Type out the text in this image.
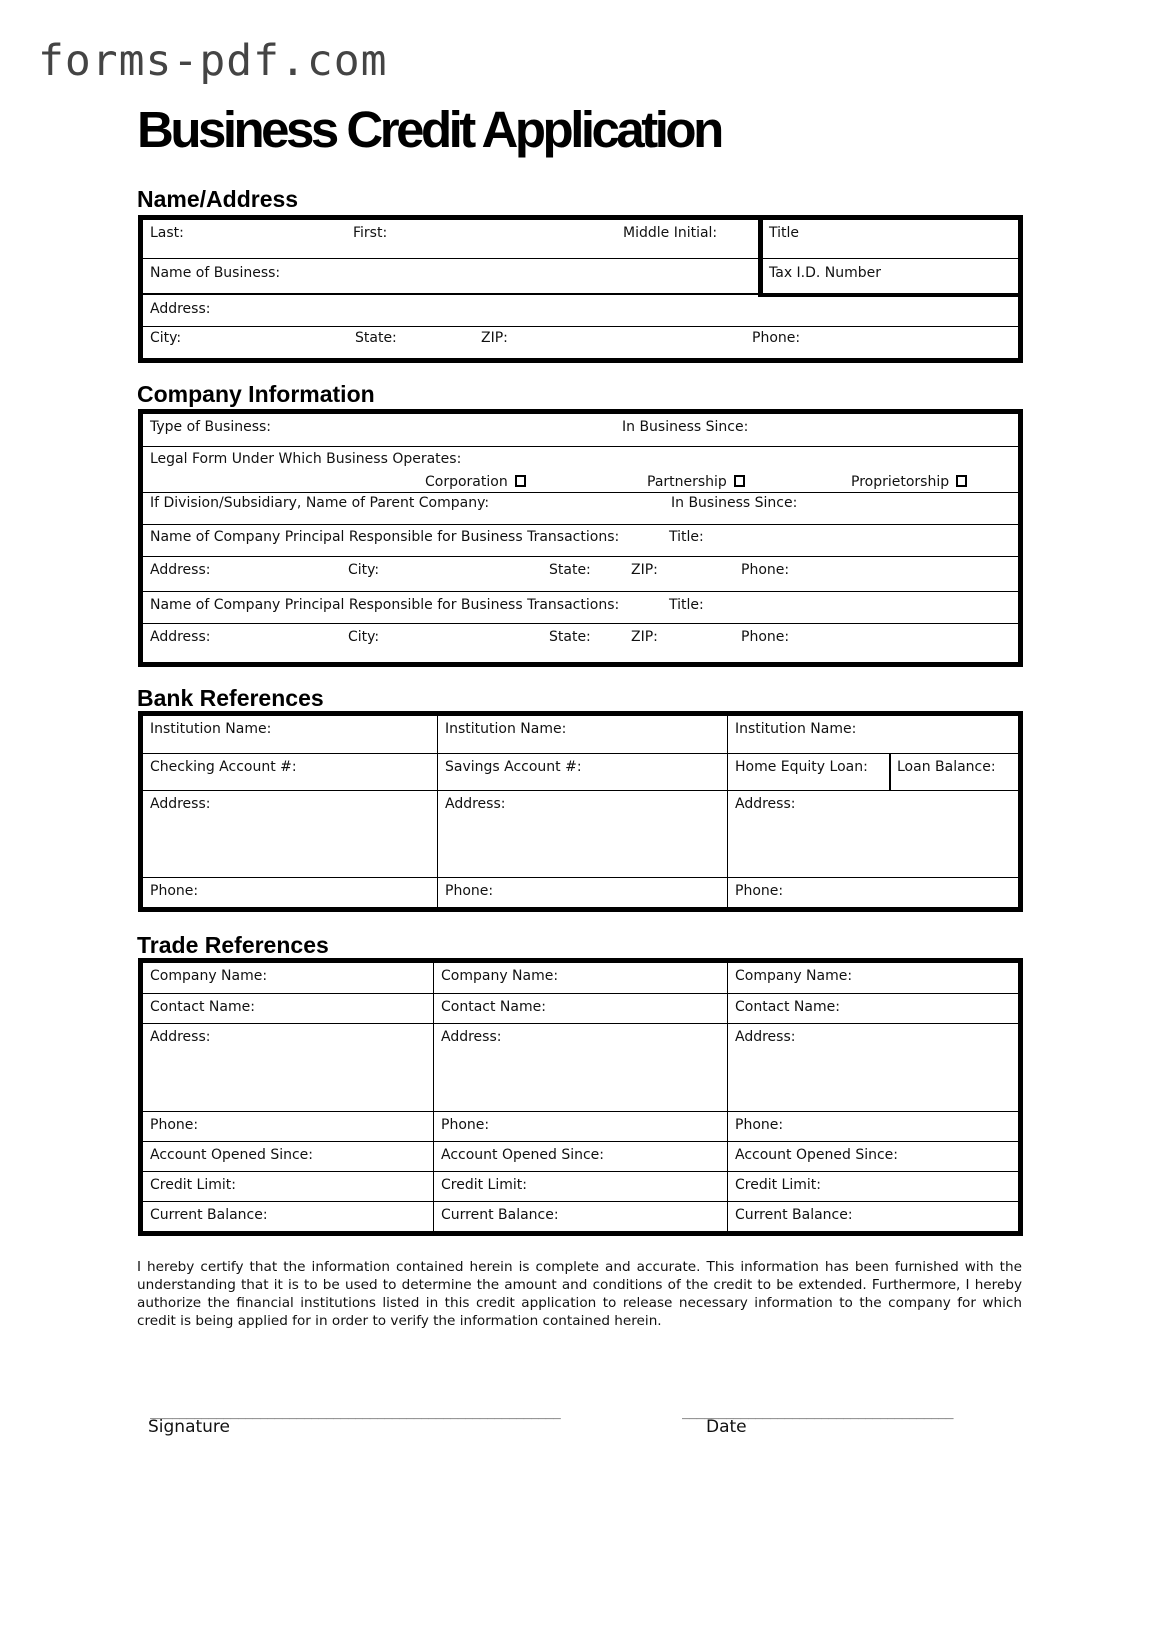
forms-pdf.com
Business Credit Application
Name/Address
Last:	First:	Middle Initial:	Title
Name of Business:	Tax I.D. Number
Address:
City:	State:	ZIP:	Phone:
Company Information
Type of Business:	In Business Since:
Legal Form Under Which Business Operates:
Corporation	Partnership	Proprietorship
If Division/Subsidiary, Name of Parent Company:	In Business Since:
Name of Company Principal Responsible for Business Transactions:	Title:
Address:	City:	State:	ZIP:	Phone:
Name of Company Principal Responsible for Business Transactions:	Title:
Address:	City:	State:	ZIP:	Phone:
Bank References
Institution Name:	Institution Name:	Institution Name:
Checking Account #:	Savings Account #:	Home Equity Loan: Loan Balance:
Address:	Address:	Address:
Phone:	Phone:	Phone:
Trade References
Company Name:	Company Name:	Company Name:
Contact Name:	Contact Name:	Contact Name:
Address:	Address:	Address:
Phone:	Phone:	Phone:
Account Opened Since:	Account Opened Since:	Account Opened Since:
Credit Limit:	Credit Limit:	Credit Limit:
Current Balance:	Current Balance:	Current Balance:

I hereby certify that the information contained herein is complete and accurate. This information has been furnished with the understanding that it is to be used to determine the amount and conditions of the credit to be extended. Furthermore, I hereby authorize the financial institutions listed in this credit application to release necessary information to the company for which credit is being applied for in order to verify the information contained herein.

________________________________________________________
Signature
_____________________________________
Date
